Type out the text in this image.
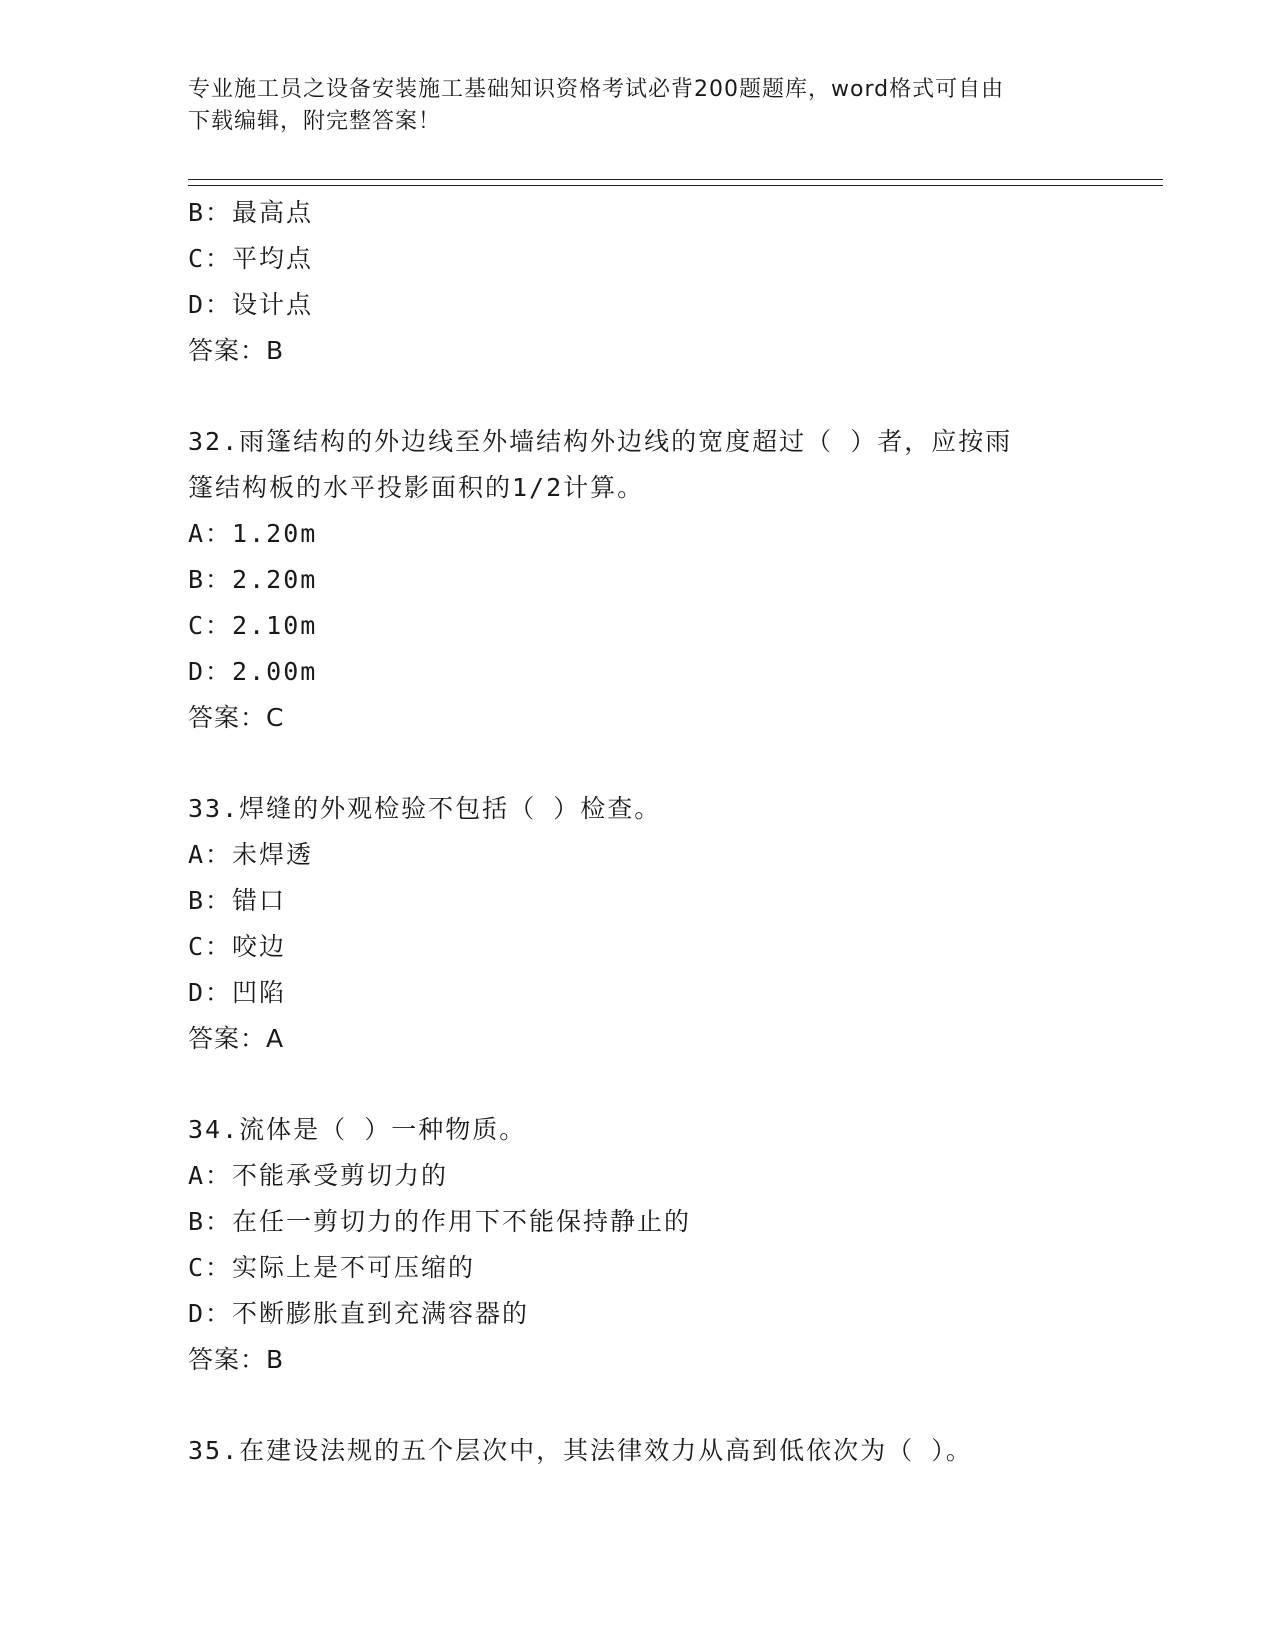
专业施工员之设备安装施工基础知识资格考试必背200题题库，word格式可自由
下载编辑，附完整答案！
B：最高点
C：平均点
D：设计点
答案：B
32.雨篷结构的外边线至外墙结构外边线的宽度超过（ ）者，应按雨
篷结构板的水平投影面积的1/2计算。
A：1.20m
B：2.20m
C：2.10m
D：2.00m
答案：C
33.焊缝的外观检验不包括（ ）检查。
A：未焊透
B：错口
C：咬边
D：凹陷
答案：A
34.流体是（ ）一种物质。
A：不能承受剪切力的
B：在任一剪切力的作用下不能保持静止的
C：实际上是不可压缩的
D：不断膨胀直到充满容器的
答案：B
35.在建设法规的五个层次中，其法律效力从高到低依次为（ ）。
